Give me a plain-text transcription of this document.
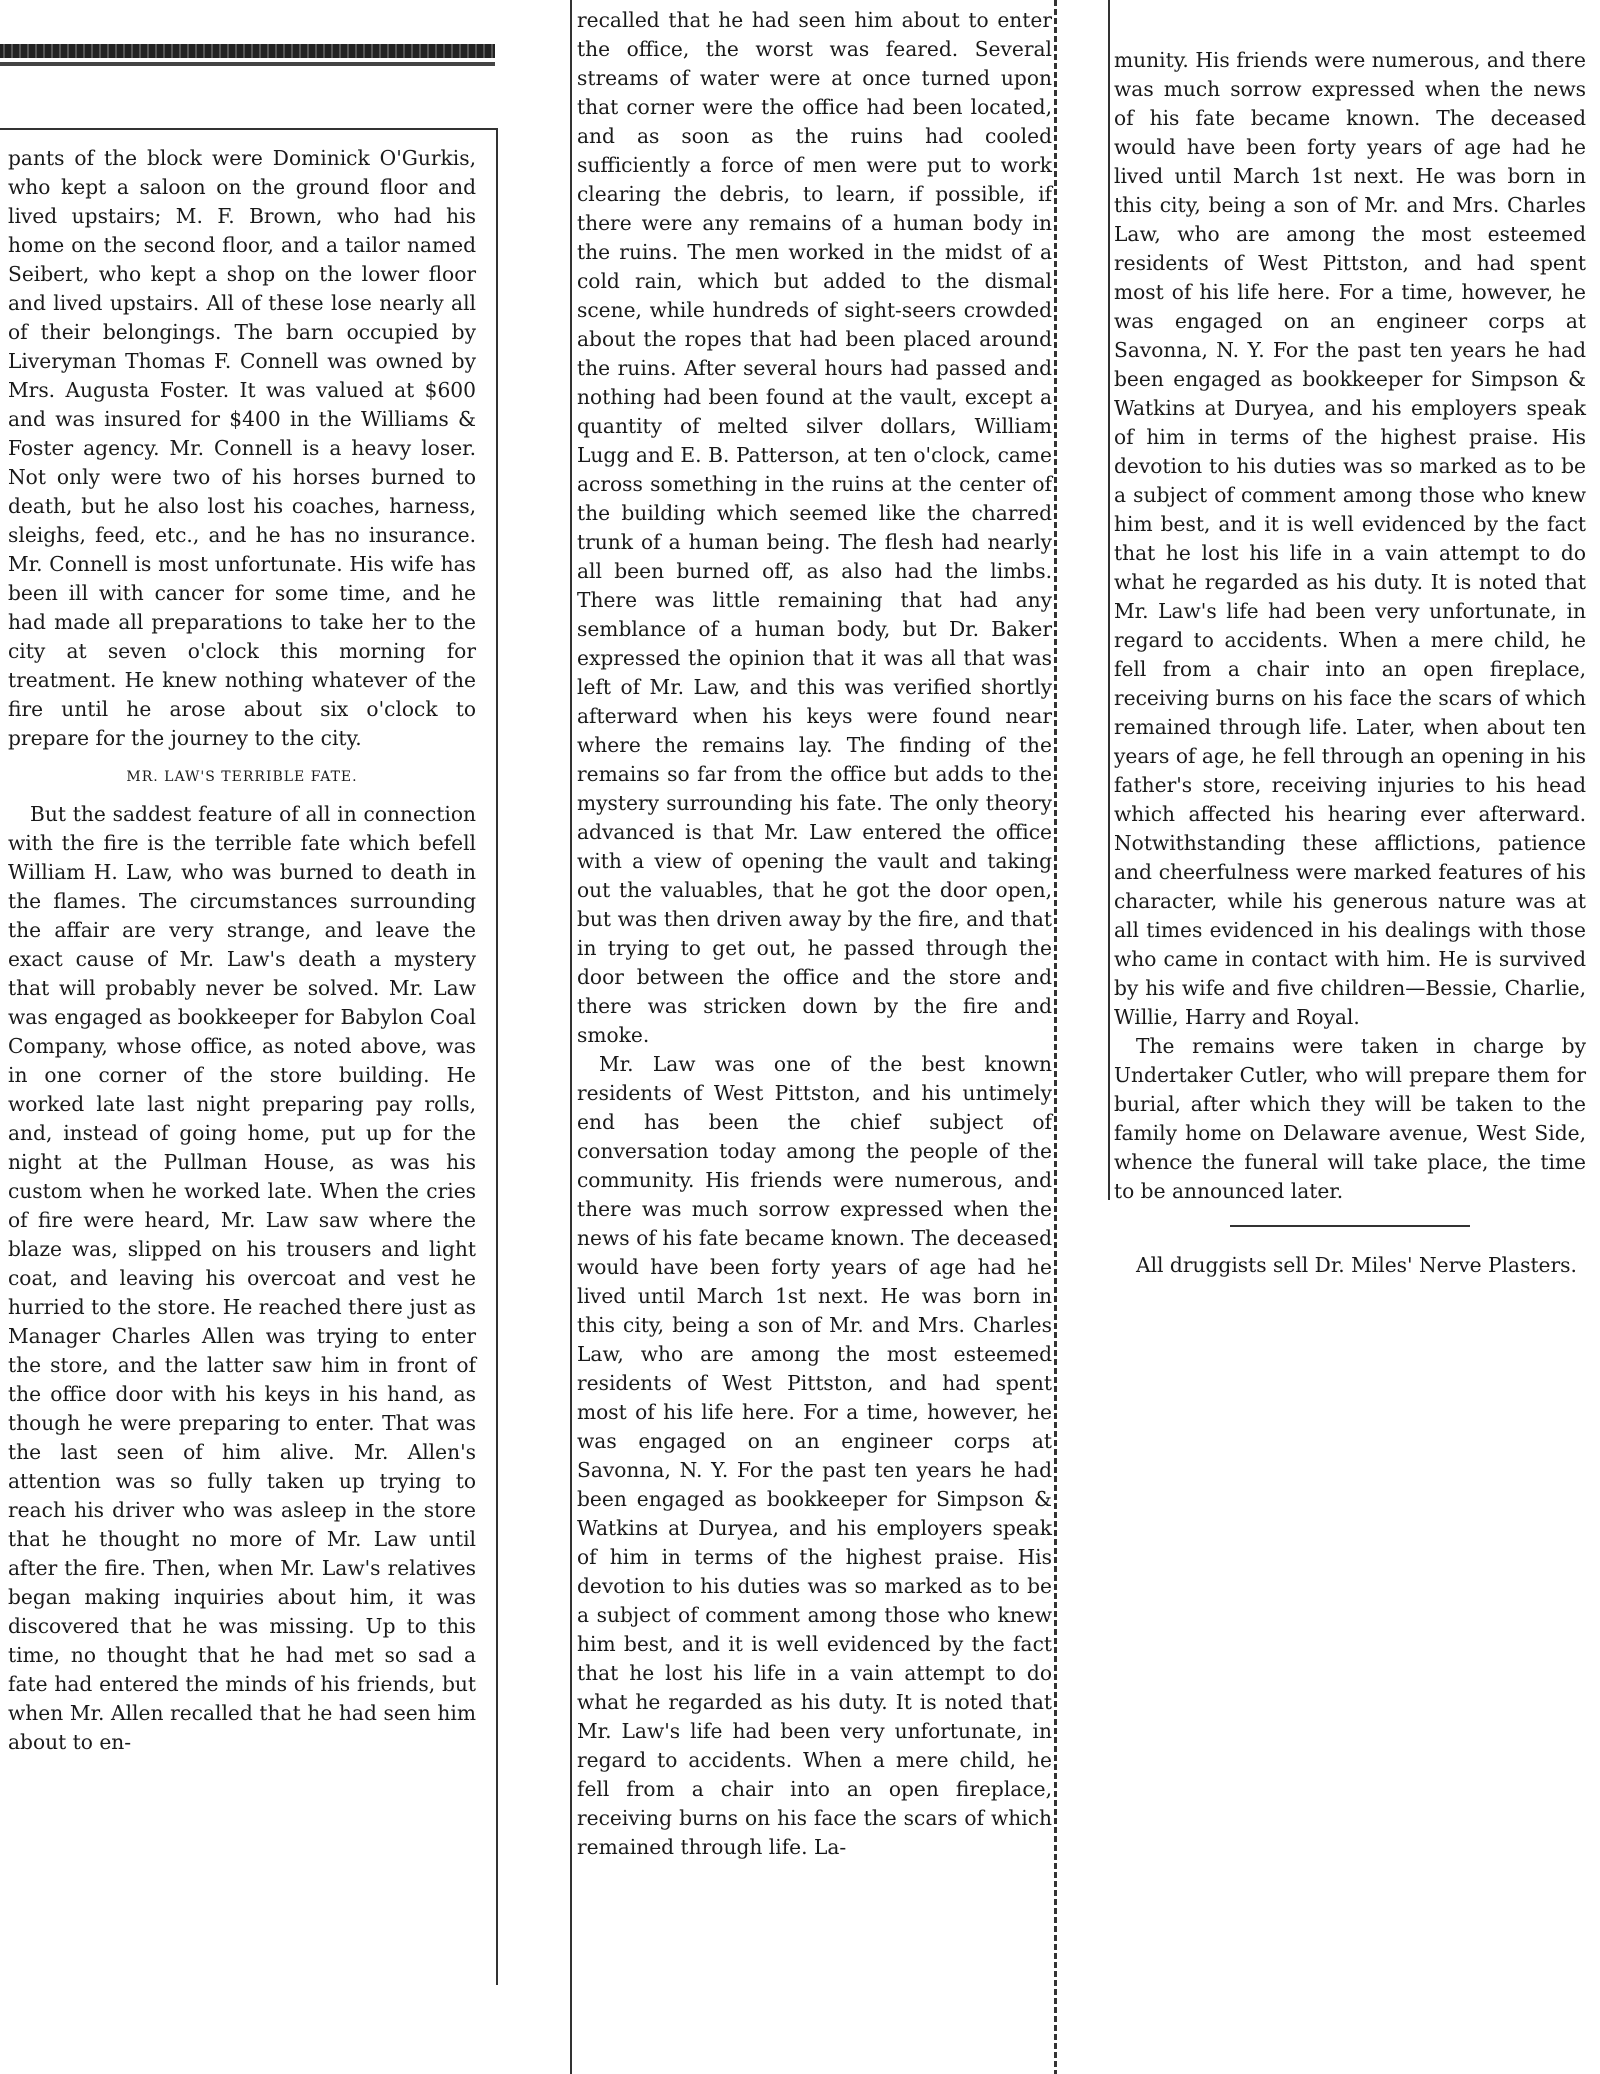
pants of the block were Dominick O'Gurkis, who kept a saloon on the ground floor and lived upstairs; M. F. Brown, who had his home on the second floor, and a tailor named Seibert, who kept a shop on the lower floor and lived upstairs. All of these lose nearly all of their belongings. The barn occupied by Liveryman Thomas F. Connell was owned by Mrs. Augusta Foster. It was valued at $600 and was insured for $400 in the Williams & Foster agency. Mr. Connell is a heavy loser. Not only were two of his horses burned to death, but he also lost his coaches, harness, sleighs, feed, etc., and he has no insurance. Mr. Connell is most unfortunate. His wife has been ill with cancer for some time, and he had made all preparations to take her to the city at seven o'clock this morning for treatment. He knew nothing whatever of the fire until he arose about six o'clock to prepare for the journey to the city.

MR. LAW'S TERRIBLE FATE.

But the saddest feature of all in connection with the fire is the terrible fate which befell William H. Law, who was burned to death in the flames. The circumstances surrounding the affair are very strange, and leave the exact cause of Mr. Law's death a mystery that will probably never be solved. Mr. Law was engaged as bookkeeper for Babylon Coal Company, whose office, as noted above, was in one corner of the store building. He worked late last night preparing pay rolls, and, instead of going home, put up for the night at the Pullman House, as was his custom when he worked late. When the cries of fire were heard, Mr. Law saw where the blaze was, slipped on his trousers and light coat, and leaving his overcoat and vest he hurried to the store. He reached there just as Manager Charles Allen was trying to enter the store, and the latter saw him in front of the office door with his keys in his hand, as though he were preparing to enter. That was the last seen of him alive. Mr. Allen's attention was so fully taken up trying to reach his driver who was asleep in the store that he thought no more of Mr. Law until after the fire. Then, when Mr. Law's relatives began making inquiries about him, it was discovered that he was missing. Up to this time, no thought that he had met so sad a fate had entered the minds of his friends, but when Mr. Allen recalled that he had seen him about to en-

recalled that he had seen him about to enter the office, the worst was feared. Several streams of water were at once turned upon that corner were the office had been located, and as soon as the ruins had cooled sufficiently a force of men were put to work clearing the debris, to learn, if possible, if there were any remains of a human body in the ruins. The men worked in the midst of a cold rain, which but added to the dismal scene, while hundreds of sight-seers crowded about the ropes that had been placed around the ruins. After several hours had passed and nothing had been found at the vault, except a quantity of melted silver dollars, William Lugg and E. B. Patterson, at ten o'clock, came across something in the ruins at the center of the building which seemed like the charred trunk of a human being. The flesh had nearly all been burned off, as also had the limbs. There was little remaining that had any semblance of a human body, but Dr. Baker expressed the opinion that it was all that was left of Mr. Law, and this was verified shortly afterward when his keys were found near where the remains lay. The finding of the remains so far from the office but adds to the mystery surrounding his fate. The only theory advanced is that Mr. Law entered the office with a view of opening the vault and taking out the valuables, that he got the door open, but was then driven away by the fire, and that in trying to get out, he passed through the door between the office and the store and there was stricken down by the fire and smoke.

Mr. Law was one of the best known residents of West Pittston, and his untimely end has been the chief subject of conversation today among the people of the community. His friends were numerous, and there was much sorrow expressed when the news of his fate became known. The deceased would have been forty years of age had he lived until March 1st next. He was born in this city, being a son of Mr. and Mrs. Charles Law, who are among the most esteemed residents of West Pittston, and had spent most of his life here. For a time, however, he was engaged on an engineer corps at Savonna, N. Y. For the past ten years he had been engaged as bookkeeper for Simpson & Watkins at Duryea, and his employers speak of him in terms of the highest praise. His devotion to his duties was so marked as to be a subject of comment among those who knew him best, and it is well evidenced by the fact that he lost his life in a vain attempt to do what he regarded as his duty. It is noted that Mr. Law's life had been very unfortunate, in regard to accidents. When a mere child, he fell from a chair into an open fireplace, receiving burns on his face the scars of which remained through life. La-

munity. His friends were numerous, and there was much sorrow expressed when the news of his fate became known. The deceased would have been forty years of age had he lived until March 1st next. He was born in this city, being a son of Mr. and Mrs. Charles Law, who are among the most esteemed residents of West Pittston, and had spent most of his life here. For a time, however, he was engaged on an engineer corps at Savonna, N. Y. For the past ten years he had been engaged as bookkeeper for Simpson & Watkins at Duryea, and his employers speak of him in terms of the highest praise. His devotion to his duties was so marked as to be a subject of comment among those who knew him best, and it is well evidenced by the fact that he lost his life in a vain attempt to do what he regarded as his duty. It is noted that Mr. Law's life had been very unfortunate, in regard to accidents. When a mere child, he fell from a chair into an open fireplace, receiving burns on his face the scars of which remained through life. Later, when about ten years of age, he fell through an opening in his father's store, receiving injuries to his head which affected his hearing ever afterward. Notwithstanding these afflictions, patience and cheerfulness were marked features of his character, while his generous nature was at all times evidenced in his dealings with those who came in contact with him. He is survived by his wife and five children—Bessie, Charlie, Willie, Harry and Royal.

The remains were taken in charge by Undertaker Cutler, who will prepare them for burial, after which they will be taken to the family home on Delaware avenue, West Side, whence the funeral will take place, the time to be announced later.

All druggists sell Dr. Miles' Nerve Plasters.
